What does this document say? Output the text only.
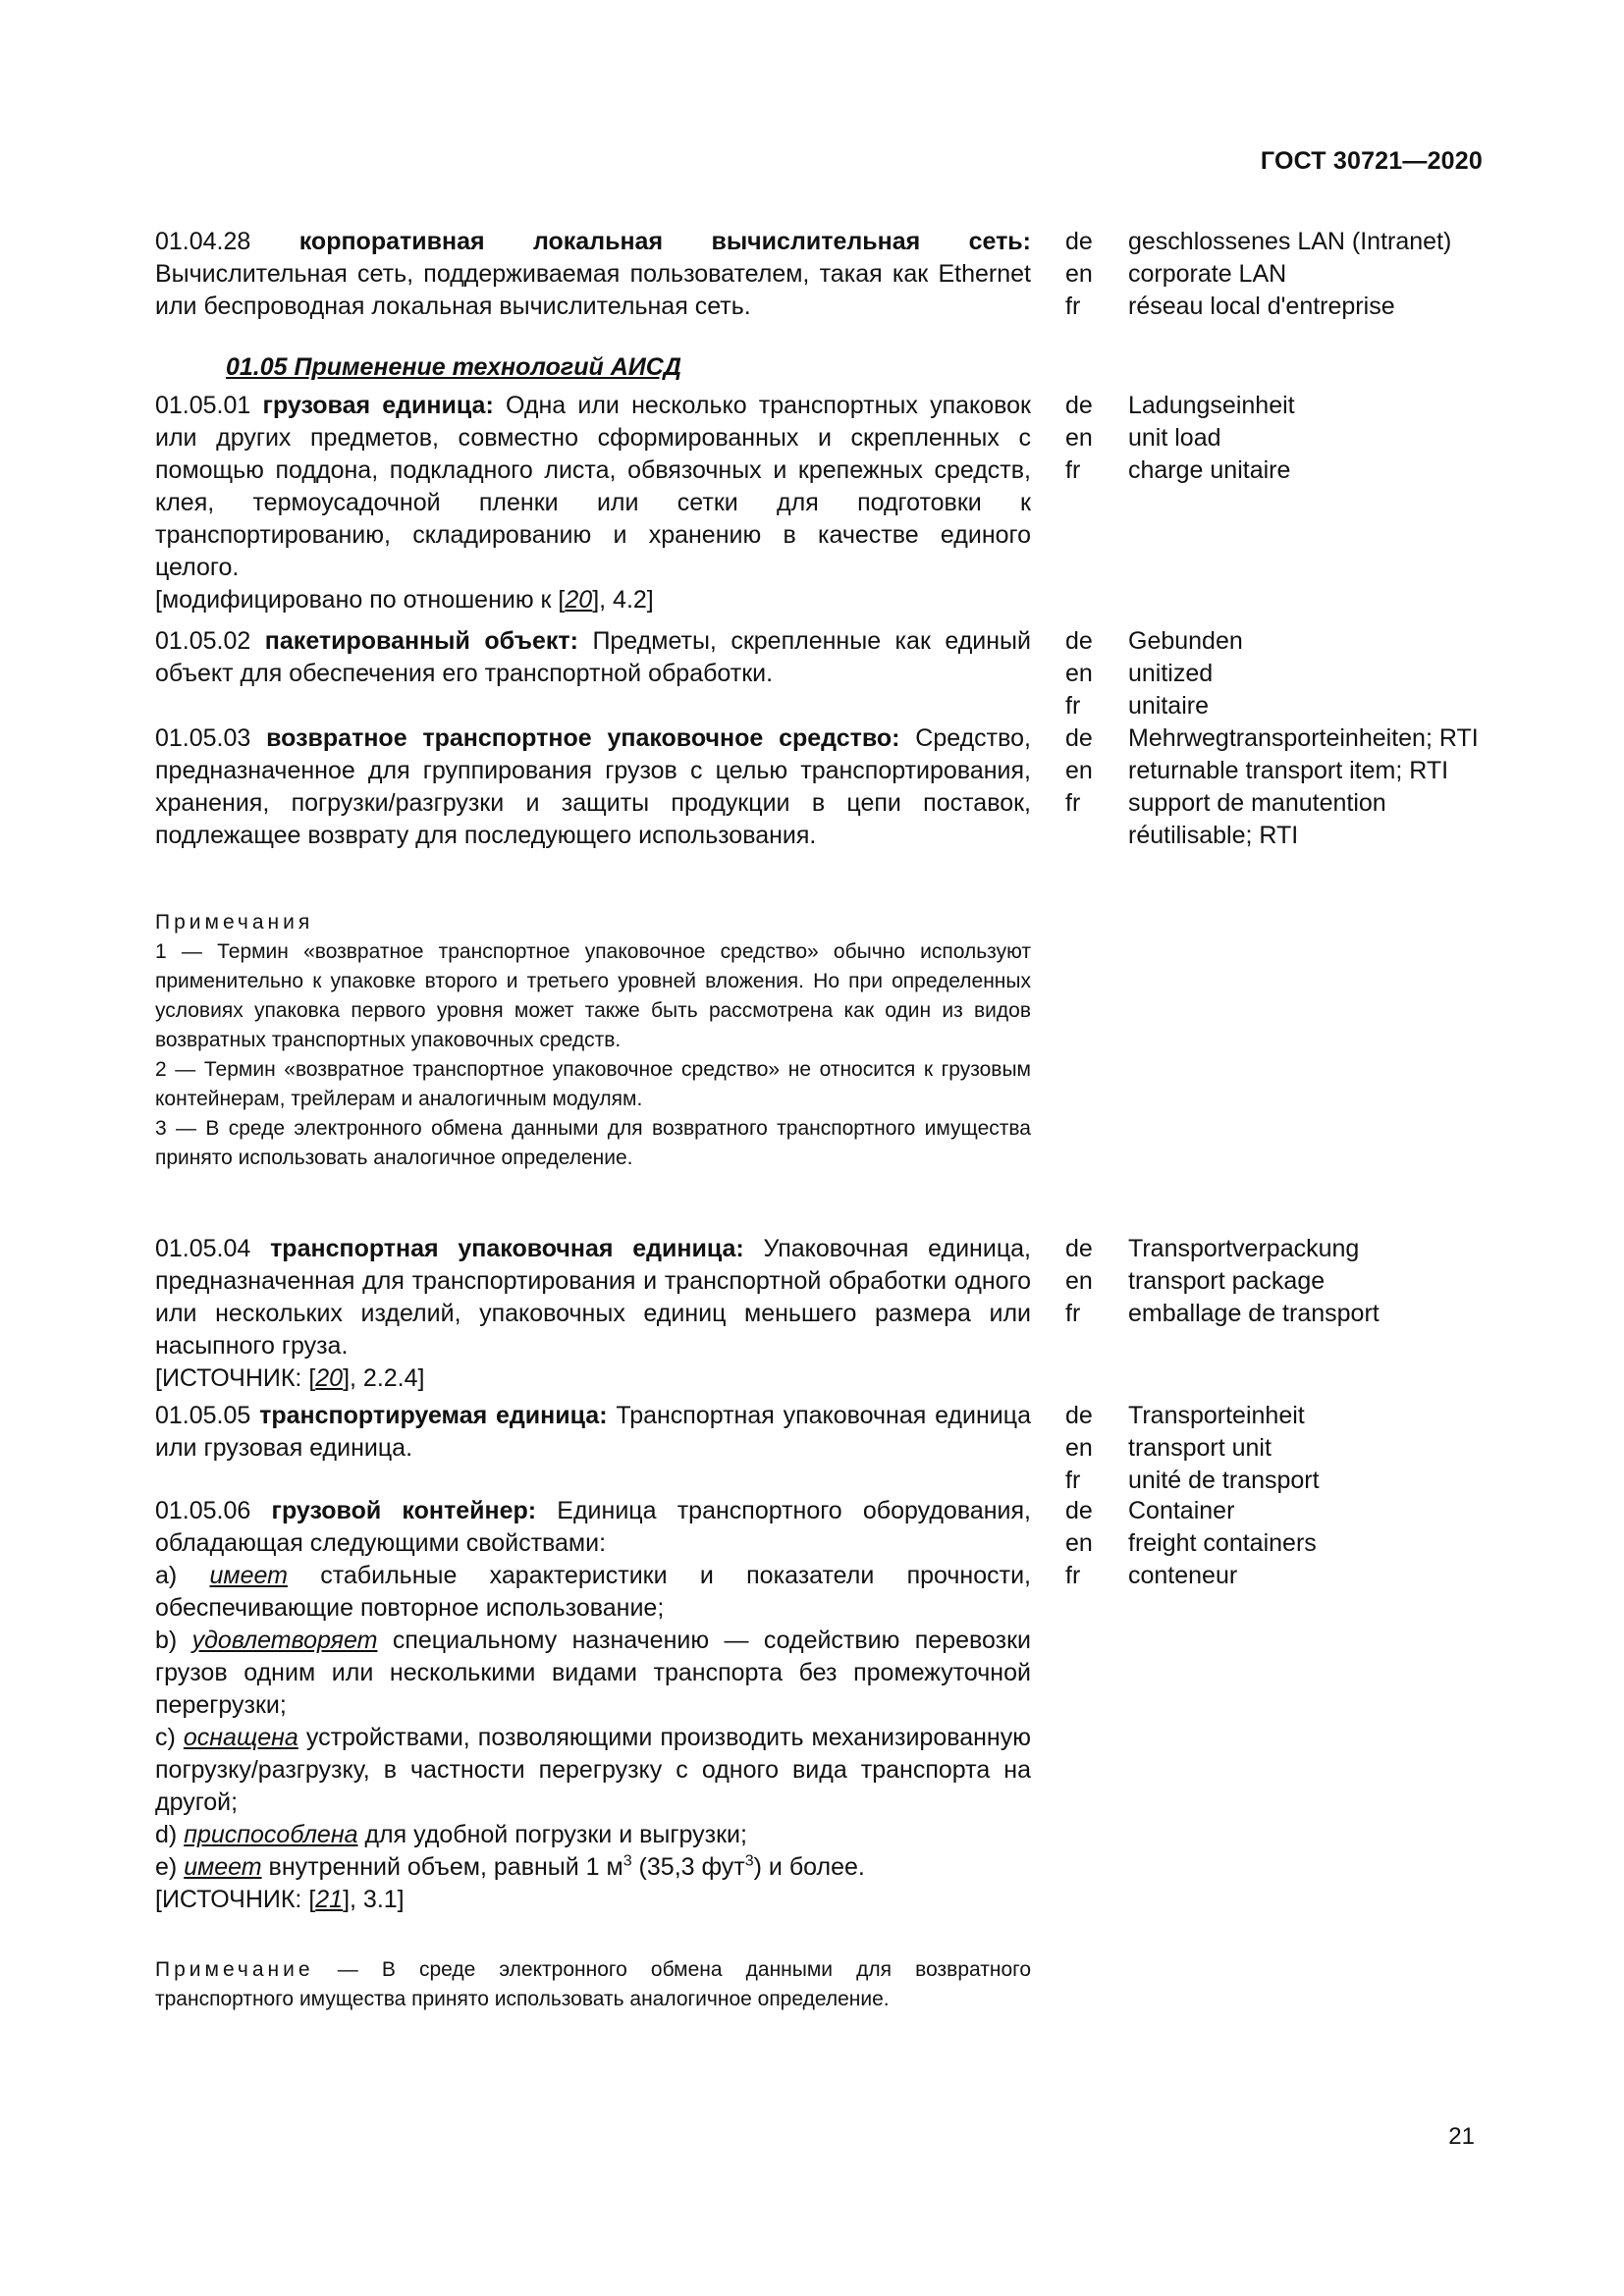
ГОСТ 30721—2020
01.04.28 корпоративная локальная вычислительная сеть: Вычислительная сеть, поддерживаемая пользователем, такая как Ethernet или беспроводная локальная вычислительная сеть.
de	geschlossenes LAN (Intranet)
en	corporate LAN
fr	réseau local d'entreprise
01.05 Применение технологий АИСД
01.05.01 грузовая единица: Одна или несколько транспортных упаковок или других предметов, совместно сформированных и скрепленных с помощью поддона, подкладного листа, обвязочных и крепежных средств, клея, термоусадочной пленки или сетки для подготовки к транспортированию, складированию и хранению в качестве единого целого.
[модифицировано по отношению к [20], 4.2]
de	Ladungseinheit
en	unit load
fr	charge unitaire
01.05.02 пакетированный объект: Предметы, скрепленные как единый объект для обеспечения его транспортной обработки.
de	Gebunden
en	unitized
fr	unitaire
01.05.03 возвратное транспортное упаковочное средство: Средство, предназначенное для группирования грузов с целью транспортирования, хранения, погрузки/разгрузки и защиты продукции в цепи поставок, подлежащее возврату для последующего использования.
de	Mehrwegtransporteinheiten; RTI
en	returnable transport item; RTI
fr	support de manutention réutilisable; RTI

Примечания

1 — Термин «возвратное транспортное упаковочное средство» обычно используют применительно к упаковке второго и третьего уровней вложения. Но при определенных условиях упаковка первого уровня может также быть рассмотрена как один из видов возвратных транспортных упаковочных средств.

2 — Термин «возвратное транспортное упаковочное средство» не относится к грузовым контейнерам, трейлерам и аналогичным модулям.

3 — В среде электронного обмена данными для возвратного транспортного имущества принято использовать аналогичное определение.

01.05.04 транспортная упаковочная единица: Упаковочная единица, предназначенная для транспортирования и транспортной обработки одного или нескольких изделий, упаковочных единиц меньшего размера или насыпного груза.
[ИСТОЧНИК: [20], 2.2.4]
de	Transportverpackung
en	transport package
fr	emballage de transport
01.05.05 транспортируемая единица: Транспортная упаковочная единица или грузовая единица.
de	Transporteinheit
en	transport unit
fr	unité de transport
01.05.06 грузовой контейнер: Единица транспортного оборудования, обладающая следующими свойствами:
a) имеет стабильные характеристики и показатели прочности, обеспечивающие повторное использование;
b) удовлетворяет специальному назначению — содействию перевозки грузов одним или несколькими видами транспорта без промежуточной перегрузки;
c) оснащена устройствами, позволяющими производить механизированную погрузку/разгрузку, в частности перегрузку с одного вида транспорта на другой;
d) приспособлена для удобной погрузки и выгрузки;
e) имеет внутренний объем, равный 1 $м^3$ (35,3 фут$^3$) и более.
[ИСТОЧНИК: [21], 3.1]
de	Container
en	freight containers
fr	conteneur

Примечание — В среде электронного обмена данными для возвратного транспортного имущества принято использовать аналогичное определение.

21
